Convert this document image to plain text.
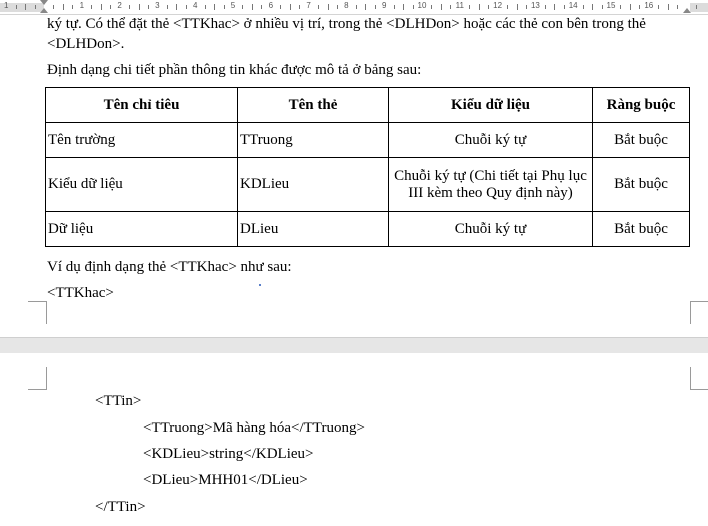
1	1	2	3	4	5	6	7	8	9	10	11	12	13	14	15	16
ký tự. Có thể đặt thẻ <TTKhac> ở nhiều vị trí, trong thẻ <DLHDon> hoặc các thẻ con bên trong thẻ
<DLHDon>.
Định dạng chi tiết phần thông tin khác được mô tả ở bảng sau:
Tên chỉ tiêu	Tên thẻ	Kiểu dữ liệu	Ràng buộc
Tên trường	TTruong	Chuỗi ký tự	Bắt buộc
Kiểu dữ liệu	KDLieu	Chuỗi ký tự (Chi tiết tại Phụ lục III kèm theo Quy định này)	Bắt buộc
Dữ liệu	DLieu	Chuỗi ký tự	Bắt buộc
Ví dụ định dạng thẻ <TTKhac> như sau:
<TTKhac>
<TTin>
<TTruong>Mã hàng hóa</TTruong>
<KDLieu>string</KDLieu>
<DLieu>MHH01</DLieu>
</TTin>
